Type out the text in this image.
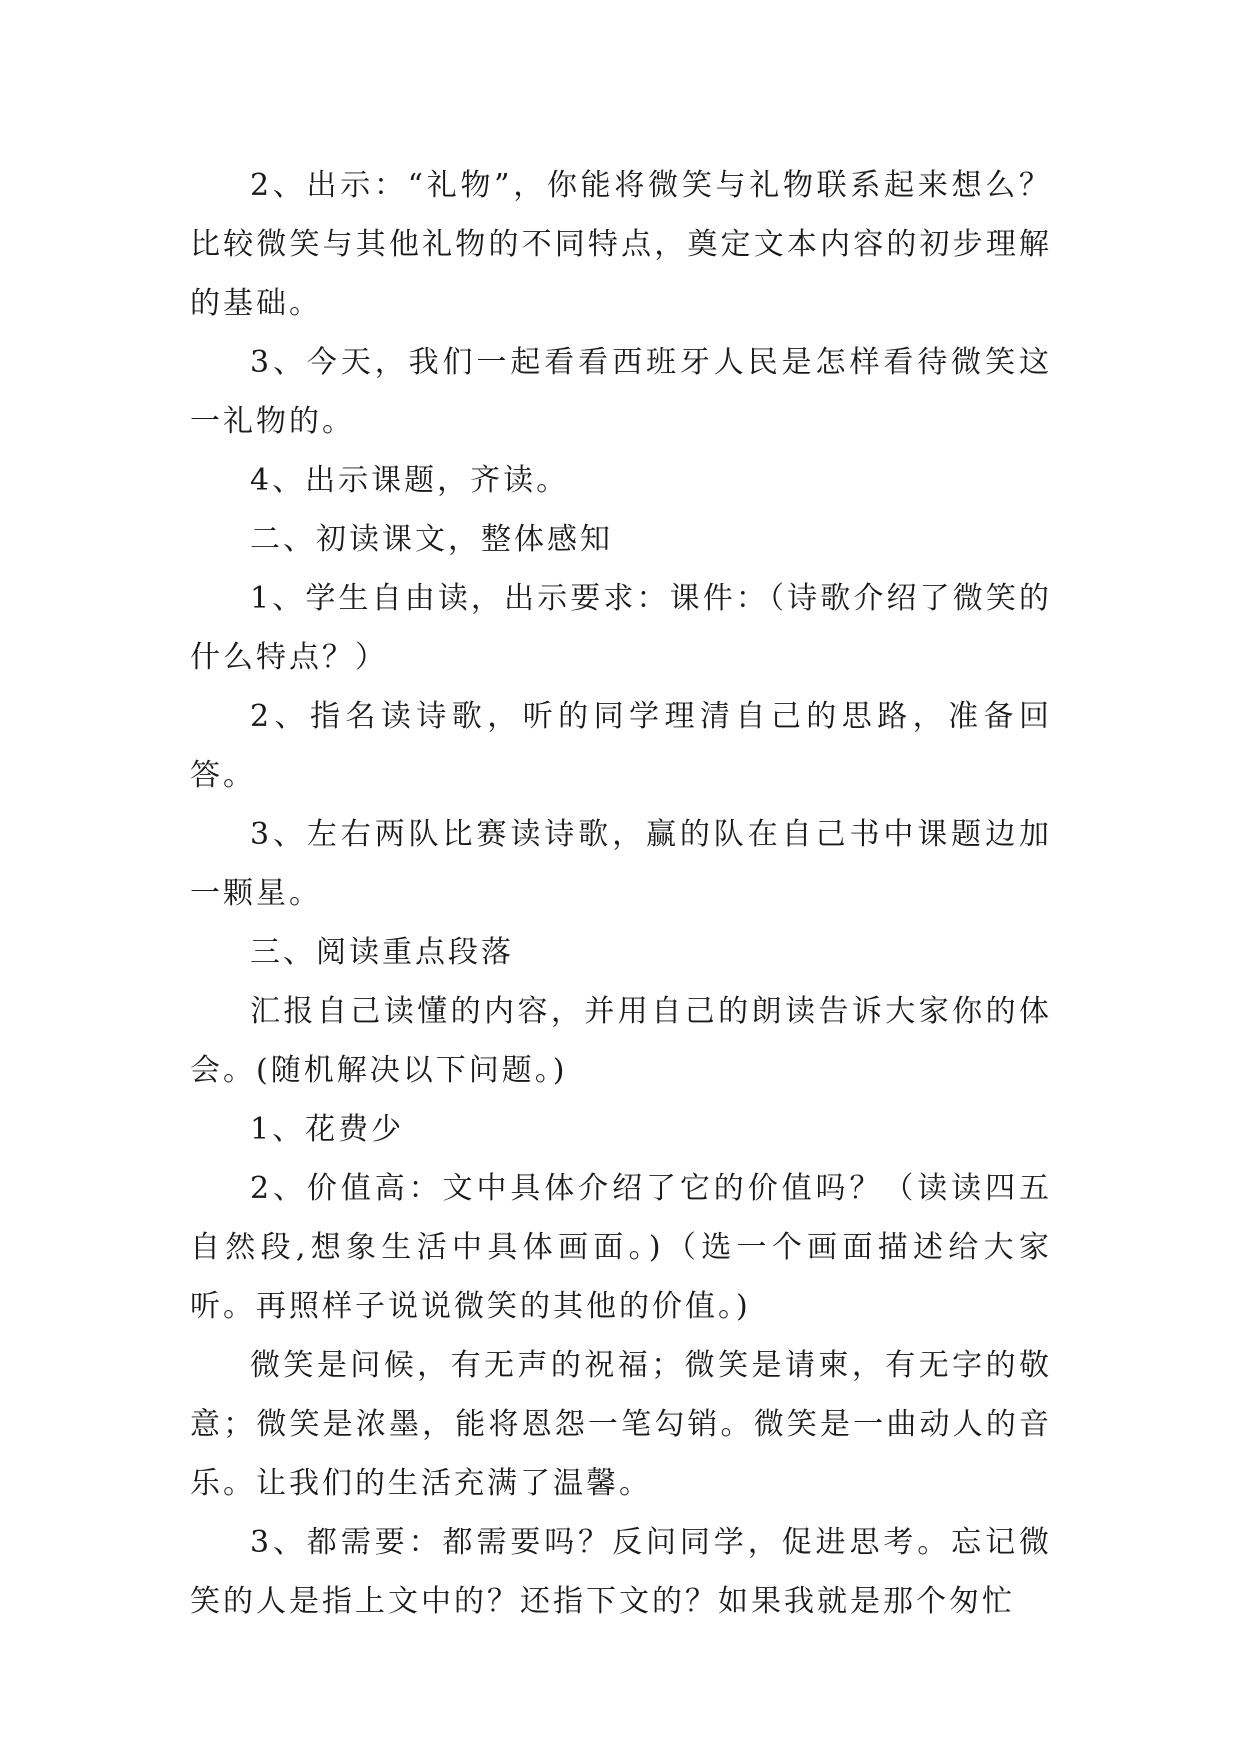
2、出示：“礼物”，你能将微笑与礼物联系起来想么？比较微笑与其他礼物的不同特点，奠定文本内容的初步理解的基础。

3、今天，我们一起看看西班牙人民是怎样看待微笑这一礼物的。

4、出示课题，齐读。

二、初读课文，整体感知

1、学生自由读，出示要求：课件：（诗歌介绍了微笑的什么特点？）

2、指名读诗歌，听的同学理清自己的思路，准备回答。

3、左右两队比赛读诗歌，赢的队在自己书中课题边加一颗星。

三、阅读重点段落

汇报自己读懂的内容，并用自己的朗读告诉大家你的体会。(随机解决以下问题。)

1、花费少

2、价值高：文中具体介绍了它的价值吗？（读读四五自然段,想象生活中具体画面。)（选一个画面描述给大家听。再照样子说说微笑的其他的价值。)

微笑是问候，有无声的祝福；微笑是请柬，有无字的敬意；微笑是浓墨，能将恩怨一笔勾销。微笑是一曲动人的音乐。让我们的生活充满了温馨。

3、都需要：都需要吗？反问同学，促进思考。忘记微笑的人是指上文中的？还指下文的？如果我就是那个匆忙
